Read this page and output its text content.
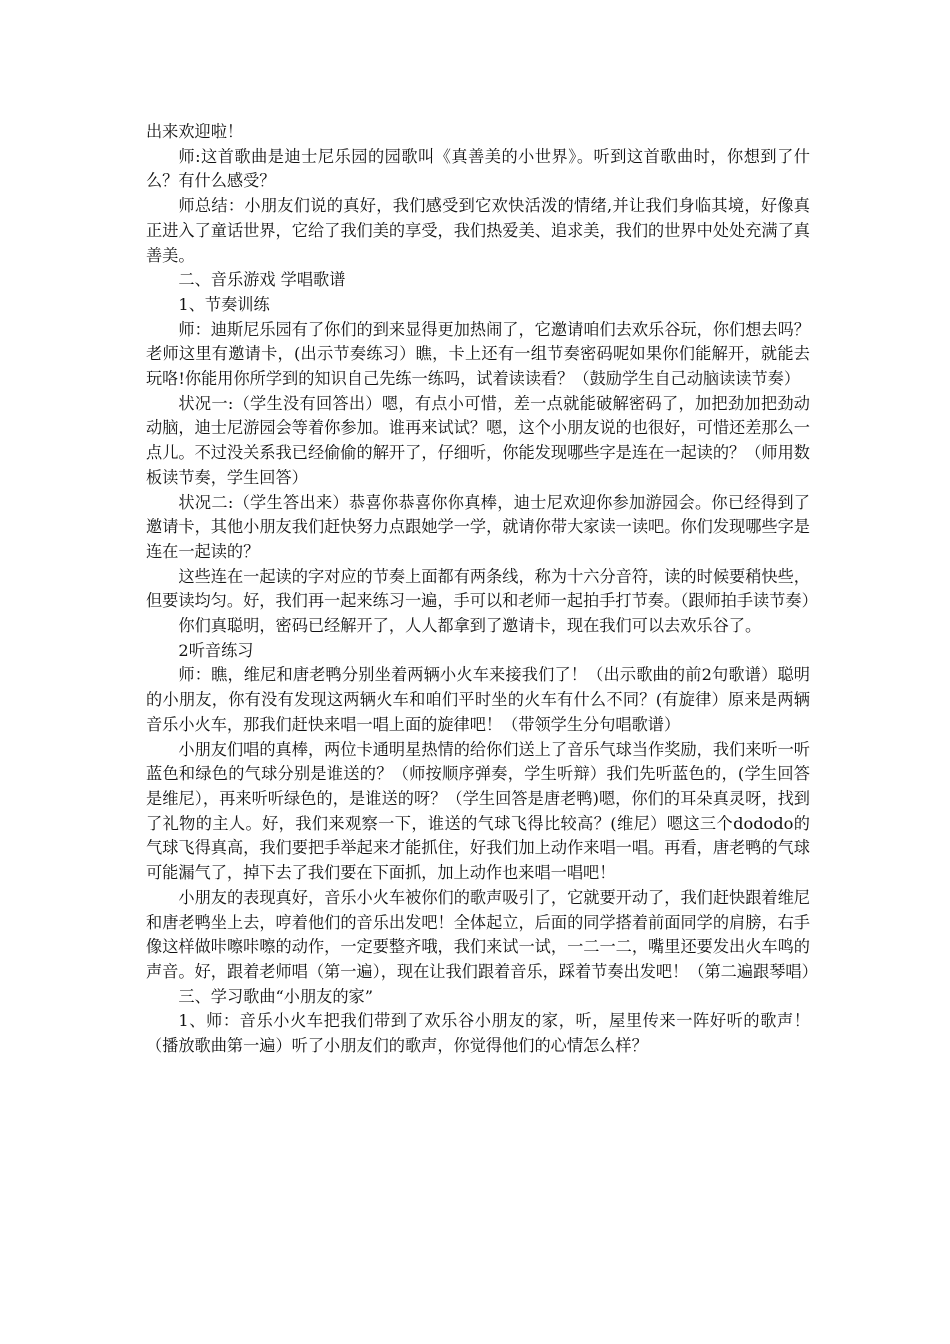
出来欢迎啦！

师:这首歌曲是迪士尼乐园的园歌叫《真善美的小世界》。听到这首歌曲时，你想到了什么？有什么感受？

师总结：小朋友们说的真好，我们感受到它欢快活泼的情绪,并让我们身临其境，好像真正进入了童话世界，它给了我们美的享受，我们热爱美、追求美，我们的世界中处处充满了真善美。

二、音乐游戏 学唱歌谱

1、节奏训练

师：迪斯尼乐园有了你们的到来显得更加热闹了，它邀请咱们去欢乐谷玩，你们想去吗？老师这里有邀请卡，(出示节奏练习）瞧，卡上还有一组节奏密码呢如果你们能解开，就能去玩咯!你能用你所学到的知识自己先练一练吗，试着读读看？（鼓励学生自己动脑读读节奏）

状况一:（学生没有回答出）嗯，有点小可惜，差一点就能破解密码了，加把劲加把劲动动脑，迪士尼游园会等着你参加。谁再来试试？嗯，这个小朋友说的也很好，可惜还差那么一点儿。不过没关系我已经偷偷的解开了，仔细听，你能发现哪些字是连在一起读的？（师用数板读节奏，学生回答）

状况二:（学生答出来）恭喜你恭喜你你真棒，迪士尼欢迎你参加游园会。你已经得到了邀请卡，其他小朋友我们赶快努力点跟她学一学，就请你带大家读一读吧。你们发现哪些字是连在一起读的？

这些连在一起读的字对应的节奏上面都有两条线，称为十六分音符，读的时候要稍快些，但要读均匀。好，我们再一起来练习一遍，手可以和老师一起拍手打节奏。（跟师拍手读节奏）

你们真聪明，密码已经解开了，人人都拿到了邀请卡，现在我们可以去欢乐谷了。

2听音练习

师：瞧，维尼和唐老鸭分别坐着两辆小火车来接我们了！（出示歌曲的前2句歌谱）聪明的小朋友，你有没有发现这两辆火车和咱们平时坐的火车有什么不同？(有旋律）原来是两辆音乐小火车，那我们赶快来唱一唱上面的旋律吧！（带领学生分句唱歌谱）

小朋友们唱的真棒，两位卡通明星热情的给你们送上了音乐气球当作奖励，我们来听一听蓝色和绿色的气球分别是谁送的？（师按顺序弹奏，学生听辩）我们先听蓝色的，(学生回答是维尼），再来听听绿色的，是谁送的呀？（学生回答是唐老鸭)嗯，你们的耳朵真灵呀，找到了礼物的主人。好，我们来观察一下，谁送的气球飞得比较高？(维尼）嗯这三个dododo的气球飞得真高，我们要把手举起来才能抓住，好我们加上动作来唱一唱。再看，唐老鸭的气球可能漏气了，掉下去了我们要在下面抓，加上动作也来唱一唱吧！

小朋友的表现真好，音乐小火车被你们的歌声吸引了，它就要开动了，我们赶快跟着维尼和唐老鸭坐上去，哼着他们的音乐出发吧！全体起立，后面的同学搭着前面同学的肩膀，右手像这样做咔嚓咔嚓的动作，一定要整齐哦，我们来试一试，一二一二，嘴里还要发出火车鸣的声音。好，跟着老师唱（第一遍），现在让我们跟着音乐，踩着节奏出发吧！（第二遍跟琴唱）

三、学习歌曲“小朋友的家”

1、师：音乐小火车把我们带到了欢乐谷小朋友的家，听，屋里传来一阵好听的歌声！（播放歌曲第一遍）听了小朋友们的歌声，你觉得他们的心情怎么样？
